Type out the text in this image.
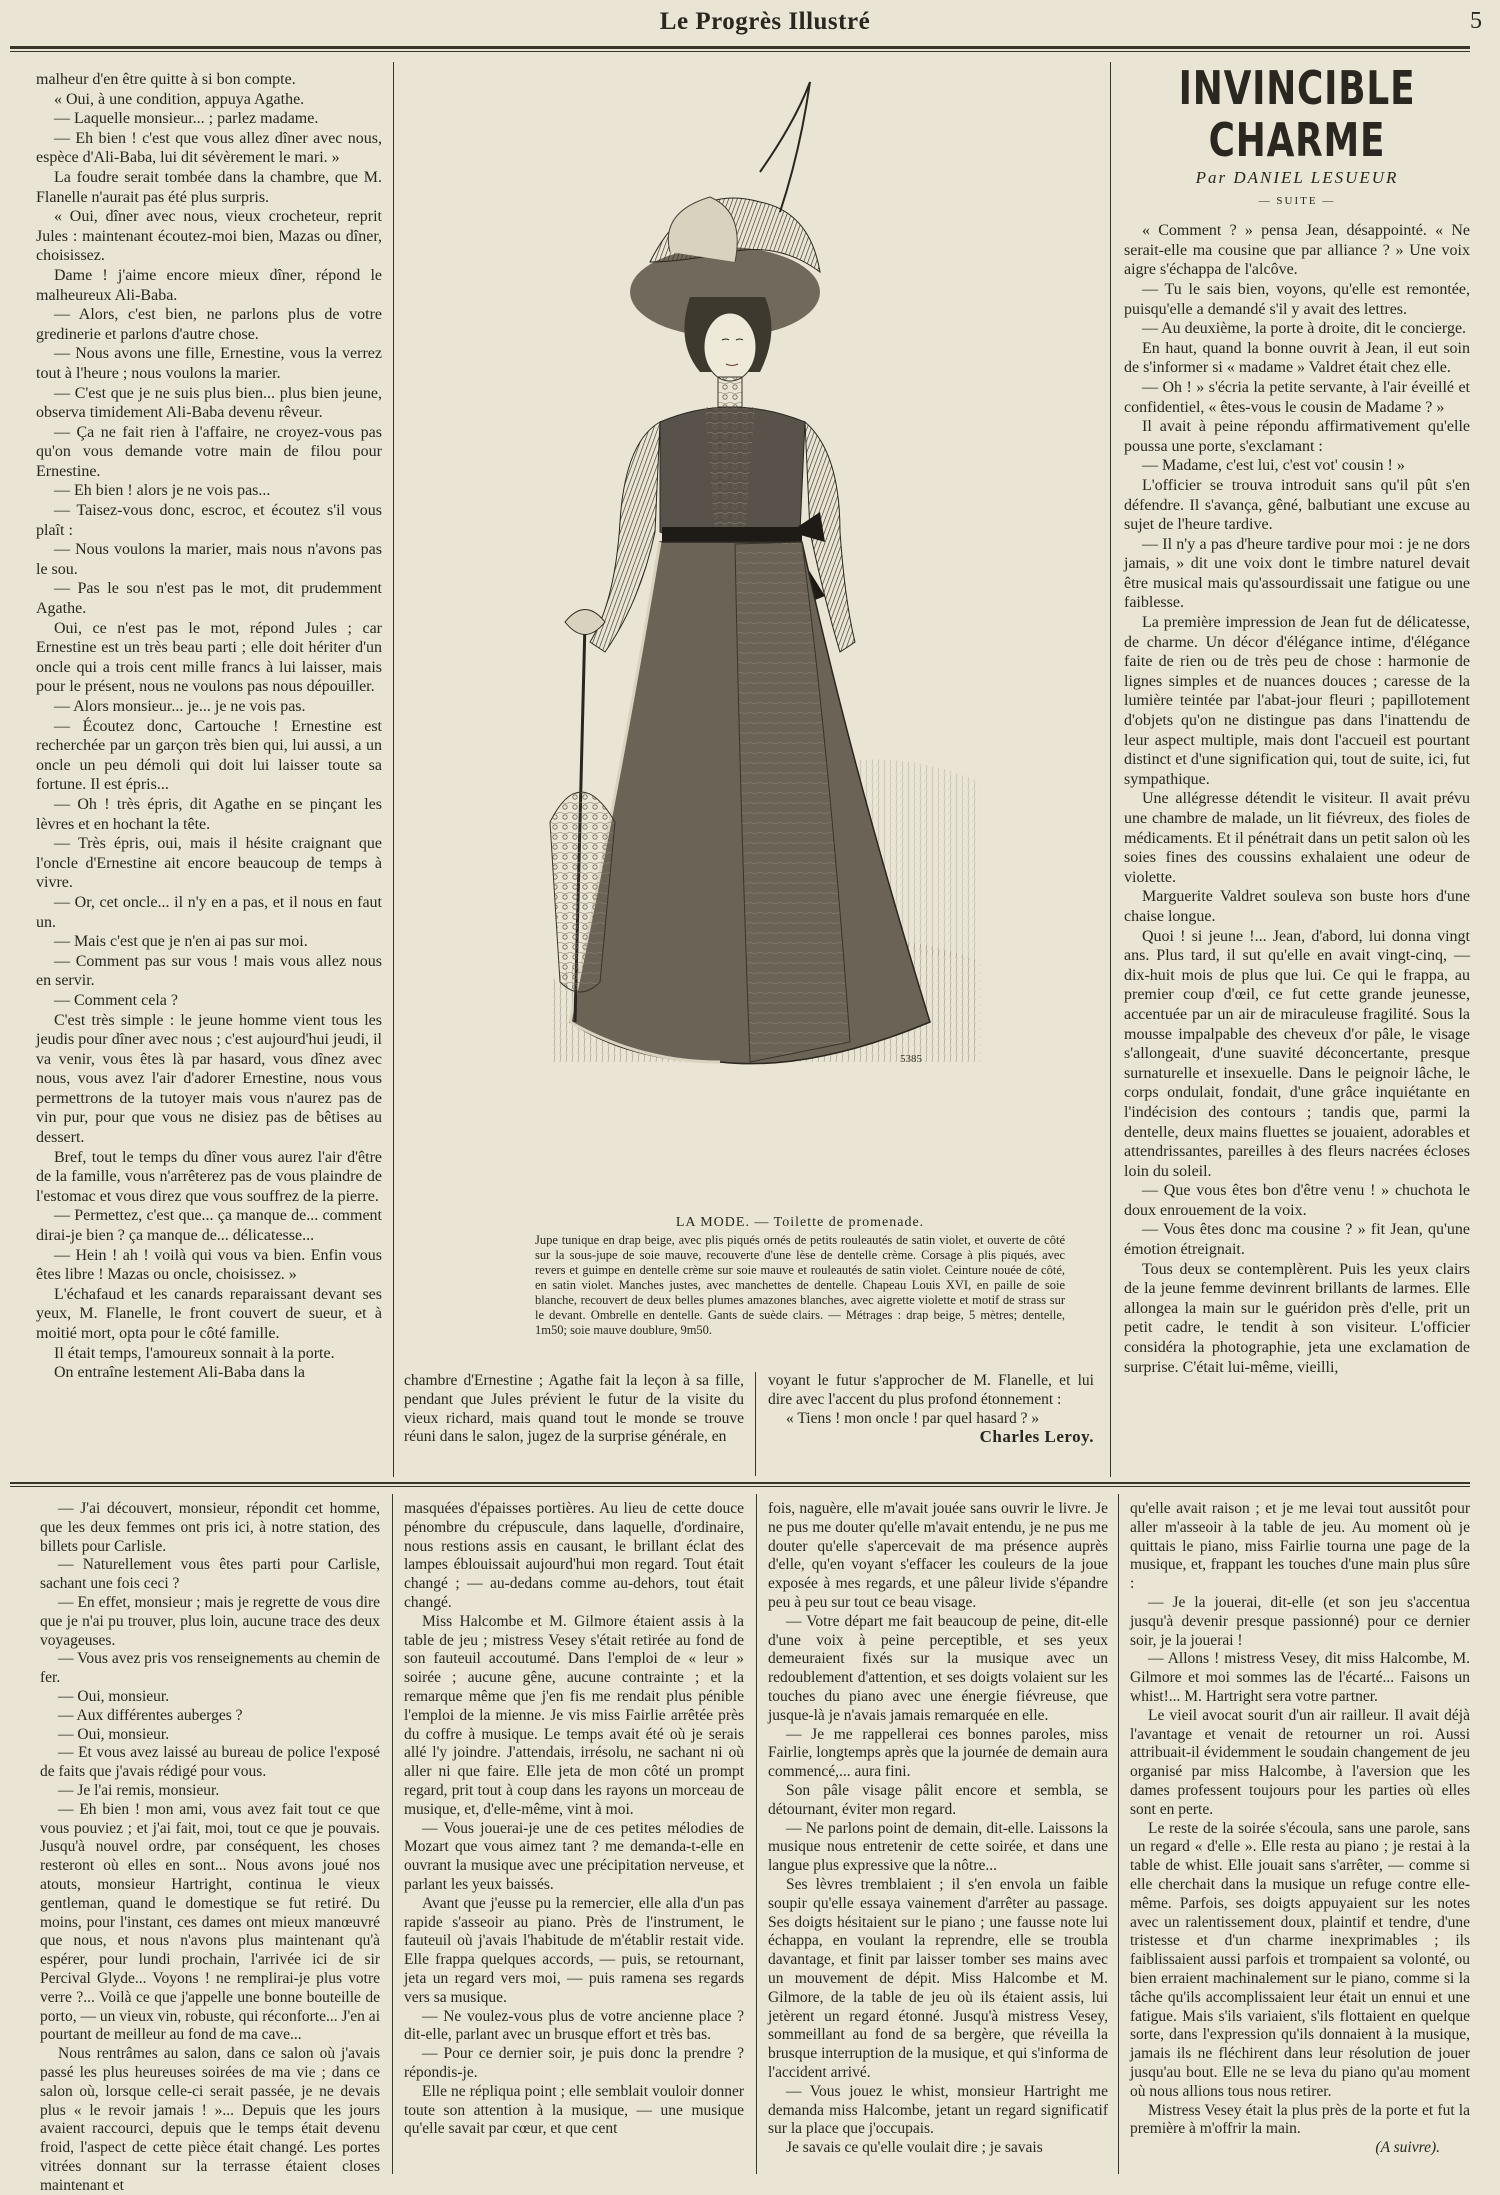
Le Progrès Illustré	5

malheur d'en être quitte à si bon compte.

« Oui, à une condition, appuya Agathe.

— Laquelle monsieur... ; parlez madame.

— Eh bien ! c'est que vous allez dîner avec nous, espèce d'Ali-Baba, lui dit sévèrement le mari. »

La foudre serait tombée dans la chambre, que M. Flanelle n'aurait pas été plus surpris.

« Oui, dîner avec nous, vieux crocheteur, reprit Jules : maintenant écoutez-moi bien, Mazas ou dîner, choisissez.

Dame ! j'aime encore mieux dîner, répond le malheureux Ali-Baba.

— Alors, c'est bien, ne parlons plus de votre gredinerie et parlons d'autre chose.

— Nous avons une fille, Ernestine, vous la verrez tout à l'heure ; nous voulons la marier.

— C'est que je ne suis plus bien... plus bien jeune, observa timidement Ali-Baba devenu rêveur.

— Ça ne fait rien à l'affaire, ne croyez-vous pas qu'on vous demande votre main de filou pour Ernestine.

— Eh bien ! alors je ne vois pas...

— Taisez-vous donc, escroc, et écoutez s'il vous plaît :

— Nous voulons la marier, mais nous n'avons pas le sou.

— Pas le sou n'est pas le mot, dit prudemment Agathe.

Oui, ce n'est pas le mot, répond Jules ; car Ernestine est un très beau parti ; elle doit hériter d'un oncle qui a trois cent mille francs à lui laisser, mais pour le présent, nous ne voulons pas nous dépouiller.

— Alors monsieur... je... je ne vois pas.

— Écoutez donc, Cartouche ! Ernestine est recherchée par un garçon très bien qui, lui aussi, a un oncle un peu démoli qui doit lui laisser toute sa fortune. Il est épris...

— Oh ! très épris, dit Agathe en se pinçant les lèvres et en hochant la tête.

— Très épris, oui, mais il hésite craignant que l'oncle d'Ernestine ait encore beaucoup de temps à vivre.

— Or, cet oncle... il n'y en a pas, et il nous en faut un.

— Mais c'est que je n'en ai pas sur moi.

— Comment pas sur vous ! mais vous allez nous en servir.

— Comment cela ?

C'est très simple : le jeune homme vient tous les jeudis pour dîner avec nous ; c'est aujourd'hui jeudi, il va venir, vous êtes là par hasard, vous dînez avec nous, vous avez l'air d'adorer Ernestine, nous vous permettrons de la tutoyer mais vous n'aurez pas de vin pur, pour que vous ne disiez pas de bêtises au dessert.

Bref, tout le temps du dîner vous aurez l'air d'être de la famille, vous n'arrêterez pas de vous plaindre de l'estomac et vous direz que vous souffrez de la pierre.

— Permettez, c'est que... ça manque de... comment dirai-je bien ? ça manque de... délicatesse...

— Hein ! ah ! voilà qui vous va bien. Enfin vous êtes libre ! Mazas ou oncle, choisissez. »

L'échafaud et les canards reparaissant devant ses yeux, M. Flanelle, le front couvert de sueur, et à moitié mort, opta pour le côté famille.

Il était temps, l'amoureux sonnait à la porte.

On entraîne lestement Ali-Baba dans la

5385
LA MODE. — Toilette de promenade.
Jupe tunique en drap beige, avec plis piqués ornés de petits rouleautés de satin violet, et ouverte de côté sur la sous-jupe de soie mauve, recouverte d'une lèse de dentelle crème. Corsage à plis piqués, avec revers et guimpe en dentelle crème sur soie mauve et rouleautés de satin violet. Ceinture nouée de côté, en satin violet. Manches justes, avec manchettes de dentelle. Chapeau Louis XVI, en paille de soie blanche, recouvert de deux belles plumes amazones blanches, avec aigrette violette et motif de strass sur le devant. Ombrelle en dentelle. Gants de suède clairs. — Métrages : drap beige, 5 mètres; dentelle, 1m50; soie mauve doublure, 9m50.

chambre d'Ernestine ; Agathe fait la leçon à sa fille, pendant que Jules prévient le futur de la visite du vieux richard, mais quand tout le monde se trouve réuni dans le salon, jugez de la surprise générale, en

voyant le futur s'approcher de M. Flanelle, et lui dire avec l'accent du plus profond étonnement :

« Tiens ! mon oncle ! par quel hasard ? »

Charles Leroy.
INVINCIBLE CHARME
Par DANIEL LESUEUR
— SUITE —

« Comment ? » pensa Jean, désappointé. « Ne serait-elle ma cousine que par alliance ? » Une voix aigre s'échappa de l'alcôve.

— Tu le sais bien, voyons, qu'elle est remontée, puisqu'elle a demandé s'il y avait des lettres.

— Au deuxième, la porte à droite, dit le concierge.

En haut, quand la bonne ouvrit à Jean, il eut soin de s'informer si « madame » Valdret était chez elle.

— Oh ! » s'écria la petite servante, à l'air éveillé et confidentiel, « êtes-vous le cousin de Madame ? »

Il avait à peine répondu affirmativement qu'elle poussa une porte, s'exclamant :

— Madame, c'est lui, c'est vot' cousin ! »

L'officier se trouva introduit sans qu'il pût s'en défendre. Il s'avança, gêné, balbutiant une excuse au sujet de l'heure tardive.

— Il n'y a pas d'heure tardive pour moi : je ne dors jamais, » dit une voix dont le timbre naturel devait être musical mais qu'assourdissait une fatigue ou une faiblesse.

La première impression de Jean fut de délicatesse, de charme. Un décor d'élégance intime, d'élégance faite de rien ou de très peu de chose : harmonie de lignes simples et de nuances douces ; caresse de la lumière teintée par l'abat-jour fleuri ; papillotement d'objets qu'on ne distingue pas dans l'inattendu de leur aspect multiple, mais dont l'accueil est pourtant distinct et d'une signification qui, tout de suite, ici, fut sympathique.

Une allégresse détendit le visiteur. Il avait prévu une chambre de malade, un lit fiévreux, des fioles de médicaments. Et il pénétrait dans un petit salon où les soies fines des coussins exhalaient une odeur de violette.

Marguerite Valdret souleva son buste hors d'une chaise longue.

Quoi ! si jeune !... Jean, d'abord, lui donna vingt ans. Plus tard, il sut qu'elle en avait vingt-cinq, — dix-huit mois de plus que lui. Ce qui le frappa, au premier coup d'œil, ce fut cette grande jeunesse, accentuée par un air de miraculeuse fragilité. Sous la mousse impalpable des cheveux d'or pâle, le visage s'allongeait, d'une suavité déconcertante, presque surnaturelle et insexuelle. Dans le peignoir lâche, le corps ondulait, fondait, d'une grâce inquiétante en l'indécision des contours ; tandis que, parmi la dentelle, deux mains fluettes se jouaient, adorables et attendrissantes, pareilles à des fleurs nacrées écloses loin du soleil.

— Que vous êtes bon d'être venu ! » chuchota le doux enrouement de la voix.

— Vous êtes donc ma cousine ? » fit Jean, qu'une émotion étreignait.

Tous deux se contemplèrent. Puis les yeux clairs de la jeune femme devinrent brillants de larmes. Elle allongea la main sur le guéridon près d'elle, prit un petit cadre, le tendit à son visiteur. L'officier considéra la photographie, jeta une exclamation de surprise. C'était lui-même, vieilli,

— J'ai découvert, monsieur, répondit cet homme, que les deux femmes ont pris ici, à notre station, des billets pour Carlisle.

— Naturellement vous êtes parti pour Carlisle, sachant une fois ceci ?

— En effet, monsieur ; mais je regrette de vous dire que je n'ai pu trouver, plus loin, aucune trace des deux voyageuses.

— Vous avez pris vos renseignements au chemin de fer.

— Oui, monsieur.

— Aux différentes auberges ?

— Oui, monsieur.

— Et vous avez laissé au bureau de police l'exposé de faits que j'avais rédigé pour vous.

— Je l'ai remis, monsieur.

— Eh bien ! mon ami, vous avez fait tout ce que vous pouviez ; et j'ai fait, moi, tout ce que je pouvais. Jusqu'à nouvel ordre, par conséquent, les choses resteront où elles en sont... Nous avons joué nos atouts, monsieur Hartright, continua le vieux gentleman, quand le domestique se fut retiré. Du moins, pour l'instant, ces dames ont mieux manœuvré que nous, et nous n'avons plus maintenant qu'à espérer, pour lundi prochain, l'arrivée ici de sir Percival Glyde... Voyons ! ne remplirai-je plus votre verre ?... Voilà ce que j'appelle une bonne bouteille de porto, — un vieux vin, robuste, qui réconforte... J'en ai pourtant de meilleur au fond de ma cave...

Nous rentrâmes au salon, dans ce salon où j'avais passé les plus heureuses soirées de ma vie ; dans ce salon où, lorsque celle-ci serait passée, je ne devais plus « le revoir jamais ! »... Depuis que les jours avaient raccourci, depuis que le temps était devenu froid, l'aspect de cette pièce était changé. Les portes vitrées donnant sur la terrasse étaient closes maintenant et

masquées d'épaisses portières. Au lieu de cette douce pénombre du crépuscule, dans laquelle, d'ordinaire, nous restions assis en causant, le brillant éclat des lampes éblouissait aujourd'hui mon regard. Tout était changé ; — au-dedans comme au-dehors, tout était changé.

Miss Halcombe et M. Gilmore étaient assis à la table de jeu ; mistress Vesey s'était retirée au fond de son fauteuil accoutumé. Dans l'emploi de « leur » soirée ; aucune gêne, aucune contrainte ; et la remarque même que j'en fis me rendait plus pénible l'emploi de la mienne. Je vis miss Fairlie arrêtée près du coffre à musique. Le temps avait été où je serais allé l'y joindre. J'attendais, irrésolu, ne sachant ni où aller ni que faire. Elle jeta de mon côté un prompt regard, prit tout à coup dans les rayons un morceau de musique, et, d'elle-même, vint à moi.

— Vous jouerai-je une de ces petites mélodies de Mozart que vous aimez tant ? me demanda-t-elle en ouvrant la musique avec une précipitation nerveuse, et parlant les yeux baissés.

Avant que j'eusse pu la remercier, elle alla d'un pas rapide s'asseoir au piano. Près de l'instrument, le fauteuil où j'avais l'habitude de m'établir restait vide. Elle frappa quelques accords, — puis, se retournant, jeta un regard vers moi, — puis ramena ses regards vers sa musique.

— Ne voulez-vous plus de votre ancienne place ? dit-elle, parlant avec un brusque effort et très bas.

— Pour ce dernier soir, je puis donc la prendre ? répondis-je.

Elle ne répliqua point ; elle semblait vouloir donner toute son attention à la musique, — une musique qu'elle savait par cœur, et que cent

fois, naguère, elle m'avait jouée sans ouvrir le livre. Je ne pus me douter qu'elle m'avait entendu, je ne pus me douter qu'elle s'apercevait de ma présence auprès d'elle, qu'en voyant s'effacer les couleurs de la joue exposée à mes regards, et une pâleur livide s'épandre peu à peu sur tout ce beau visage.

— Votre départ me fait beaucoup de peine, dit-elle d'une voix à peine perceptible, et ses yeux demeuraient fixés sur la musique avec un redoublement d'attention, et ses doigts volaient sur les touches du piano avec une énergie fiévreuse, que jusque-là je n'avais jamais remarquée en elle.

— Je me rappellerai ces bonnes paroles, miss Fairlie, longtemps après que la journée de demain aura commencé,... aura fini.

Son pâle visage pâlit encore et sembla, se détournant, éviter mon regard.

— Ne parlons point de demain, dit-elle. Laissons la musique nous entretenir de cette soirée, et dans une langue plus expressive que la nôtre...

Ses lèvres tremblaient ; il s'en envola un faible soupir qu'elle essaya vainement d'arrêter au passage. Ses doigts hésitaient sur le piano ; une fausse note lui échappa, en voulant la reprendre, elle se troubla davantage, et finit par laisser tomber ses mains avec un mouvement de dépit. Miss Halcombe et M. Gilmore, de la table de jeu où ils étaient assis, lui jetèrent un regard étonné. Jusqu'à mistress Vesey, sommeillant au fond de sa bergère, que réveilla la brusque interruption de la musique, et qui s'informa de l'accident arrivé.

— Vous jouez le whist, monsieur Hartright me demanda miss Halcombe, jetant un regard significatif sur la place que j'occupais.

Je savais ce qu'elle voulait dire ; je savais

qu'elle avait raison ; et je me levai tout aussitôt pour aller m'asseoir à la table de jeu. Au moment où je quittais le piano, miss Fairlie tourna une page de la musique, et, frappant les touches d'une main plus sûre :

— Je la jouerai, dit-elle (et son jeu s'accentua jusqu'à devenir presque passionné) pour ce dernier soir, je la jouerai !

— Allons ! mistress Vesey, dit miss Halcombe, M. Gilmore et moi sommes las de l'écarté... Faisons un whist!... M. Hartright sera votre partner.

Le vieil avocat sourit d'un air railleur. Il avait déjà l'avantage et venait de retourner un roi. Aussi attribuait-il évidemment le soudain changement de jeu organisé par miss Halcombe, à l'aversion que les dames professent toujours pour les parties où elles sont en perte.

Le reste de la soirée s'écoula, sans une parole, sans un regard « d'elle ». Elle resta au piano ; je restai à la table de whist. Elle jouait sans s'arrêter, — comme si elle cherchait dans la musique un refuge contre elle-même. Parfois, ses doigts appuyaient sur les notes avec un ralentissement doux, plaintif et tendre, d'une tristesse et d'un charme inexprimables ; ils faiblissaient aussi parfois et trompaient sa volonté, ou bien erraient machinalement sur le piano, comme si la tâche qu'ils accomplissaient leur était un ennui et une fatigue. Mais s'ils variaient, s'ils flottaient en quelque sorte, dans l'expression qu'ils donnaient à la musique, jamais ils ne fléchirent dans leur résolution de jouer jusqu'au bout. Elle ne se leva du piano qu'au moment où nous allions tous nous retirer.

Mistress Vesey était la plus près de la porte et fut la première à m'offrir la main.

(A suivre).
